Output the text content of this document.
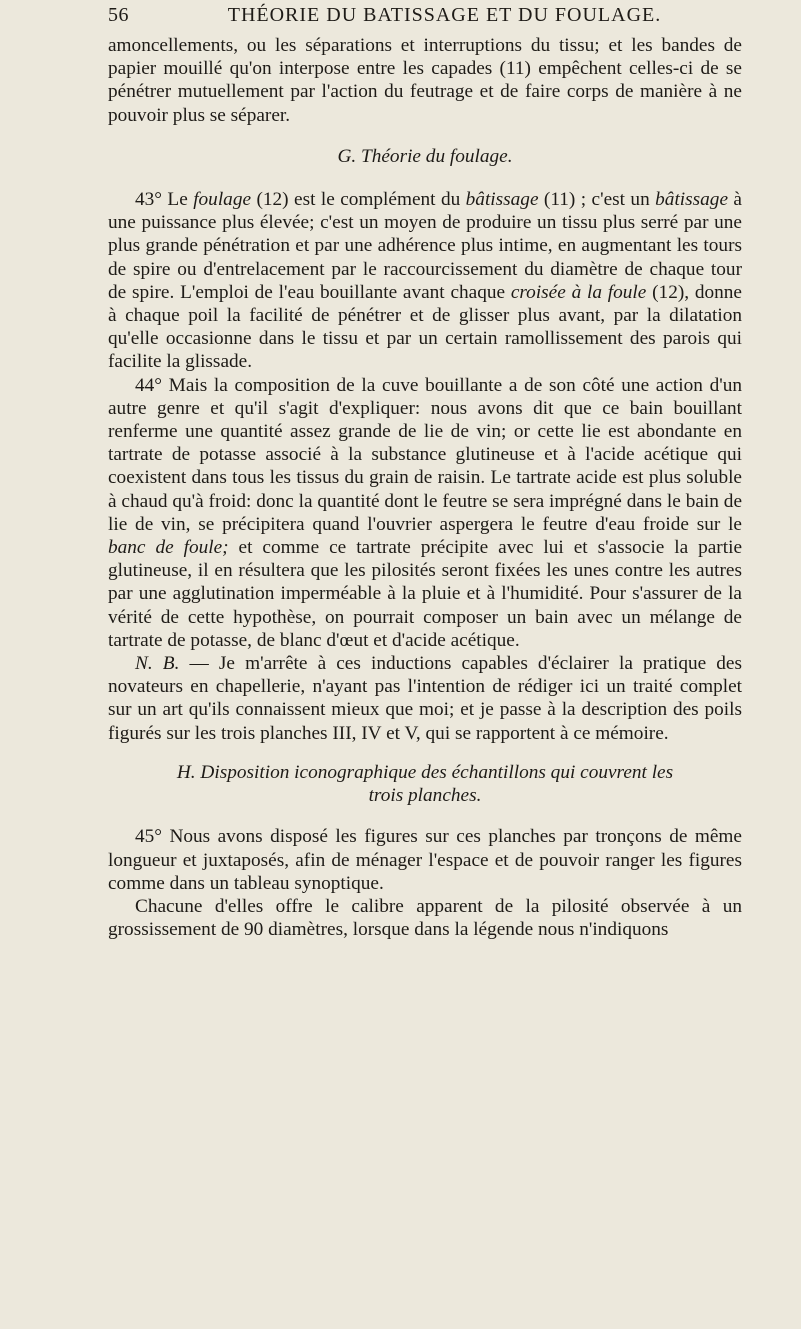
56	THÉORIE DU BATISSAGE ET DU FOULAGE.

amoncellements, ou les séparations et interruptions du tissu; et les bandes de papier mouillé qu'on interpose entre les capades (11) empêchent celles-ci de se pénétrer mutuellement par l'action du feutrage et de faire corps de manière à ne pouvoir plus se séparer.

G. Théorie du foulage.

43° Le foulage (12) est le complément du bâtissage (11) ; c'est un bâtissage à une puissance plus élevée; c'est un moyen de produire un tissu plus serré par une plus grande pénétration et par une adhérence plus intime, en augmentant les tours de spire ou d'entrelacement par le raccourcissement du diamètre de chaque tour de spire. L'emploi de l'eau bouillante avant chaque croisée à la foule (12), donne à chaque poil la facilité de pénétrer et de glisser plus avant, par la dilatation qu'elle occasionne dans le tissu et par un certain ramollissement des parois qui facilite la glissade.

44° Mais la composition de la cuve bouillante a de son côté une action d'un autre genre et qu'il s'agit d'expliquer: nous avons dit que ce bain bouillant renferme une quantité assez grande de lie de vin; or cette lie est abondante en tartrate de potasse associé à la substance glutineuse et à l'acide acétique qui coexistent dans tous les tissus du grain de raisin. Le tartrate acide est plus soluble à chaud qu'à froid: donc la quantité dont le feutre se sera imprégné dans le bain de lie de vin, se précipitera quand l'ouvrier aspergera le feutre d'eau froide sur le banc de foule; et comme ce tartrate précipite avec lui et s'associe la partie glutineuse, il en résultera que les pilosités seront fixées les unes contre les autres par une agglutination imperméable à la pluie et à l'humidité. Pour s'assurer de la vérité de cette hypothèse, on pourrait composer un bain avec un mélange de tartrate de potasse, de blanc d'œut et d'acide acétique.

N. B. — Je m'arrête à ces inductions capables d'éclairer la pratique des novateurs en chapellerie, n'ayant pas l'intention de rédiger ici un traité complet sur un art qu'ils connaissent mieux que moi; et je passe à la description des poils figurés sur les trois planches III, IV et V, qui se rapportent à ce mémoire.

H. Disposition iconographique des échantillons qui couvrent les
trois planches.

45° Nous avons disposé les figures sur ces planches par tronçons de même longueur et juxtaposés, afin de ménager l'espace et de pouvoir ranger les figures comme dans un tableau synoptique.

Chacune d'elles offre le calibre apparent de la pilosité observée à un grossissement de 90 diamètres, lorsque dans la légende nous n'indiquons
